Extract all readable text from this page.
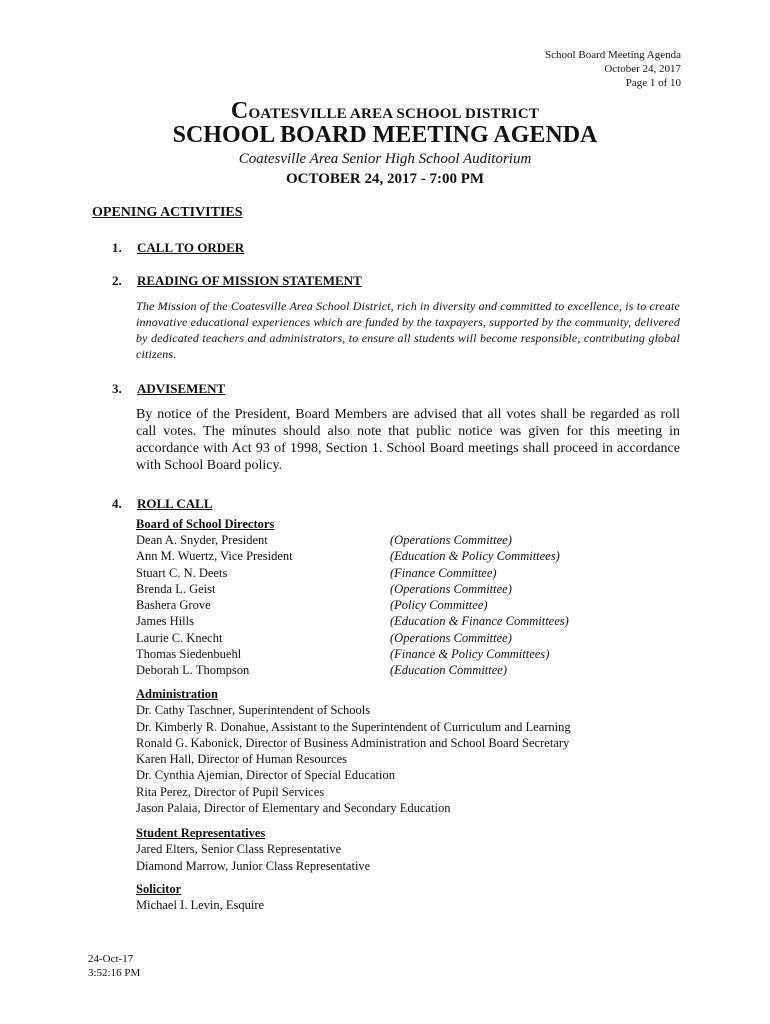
School Board Meeting Agenda
October 24, 2017
Page 1 of 10
COATESVILLE AREA SCHOOL DISTRICT
SCHOOL BOARD MEETING AGENDA
Coatesville Area Senior High School Auditorium
OCTOBER 24, 2017 - 7:00 PM
OPENING ACTIVITIES
1. CALL TO ORDER
2. READING OF MISSION STATEMENT
The Mission of the Coatesville Area School District, rich in diversity and committed to excellence, is to create innovative educational experiences which are funded by the taxpayers, supported by the community, delivered by dedicated teachers and administrators, to ensure all students will become responsible, contributing global citizens.
3. ADVISEMENT
By notice of the President, Board Members are advised that all votes shall be regarded as roll call votes. The minutes should also note that public notice was given for this meeting in accordance with Act 93 of 1998, Section 1. School Board meetings shall proceed in accordance with School Board policy.
4. ROLL CALL
Board of School Directors
Dean A. Snyder, President	(Operations Committee)
Ann M. Wuertz, Vice President	(Education & Policy Committees)
Stuart C. N. Deets	(Finance Committee)
Brenda L. Geist	(Operations Committee)
Bashera Grove	(Policy Committee)
James Hills	(Education & Finance Committees)
Laurie C. Knecht	(Operations Committee)
Thomas Siedenbuehl	(Finance & Policy Committees)
Deborah L. Thompson	(Education Committee)
Administration
Dr. Cathy Taschner, Superintendent of Schools
Dr. Kimberly R. Donahue, Assistant to the Superintendent of Curriculum and Learning
Ronald G. Kabonick, Director of Business Administration and School Board Secretary
Karen Hall, Director of Human Resources
Dr. Cynthia Ajemian, Director of Special Education
Rita Perez, Director of Pupil Services
Jason Palaia, Director of Elementary and Secondary Education
Student Representatives
Jared Elters, Senior Class Representative
Diamond Marrow, Junior Class Representative
Solicitor
Michael I. Levin, Esquire
24-Oct-17
3:52:16 PM
